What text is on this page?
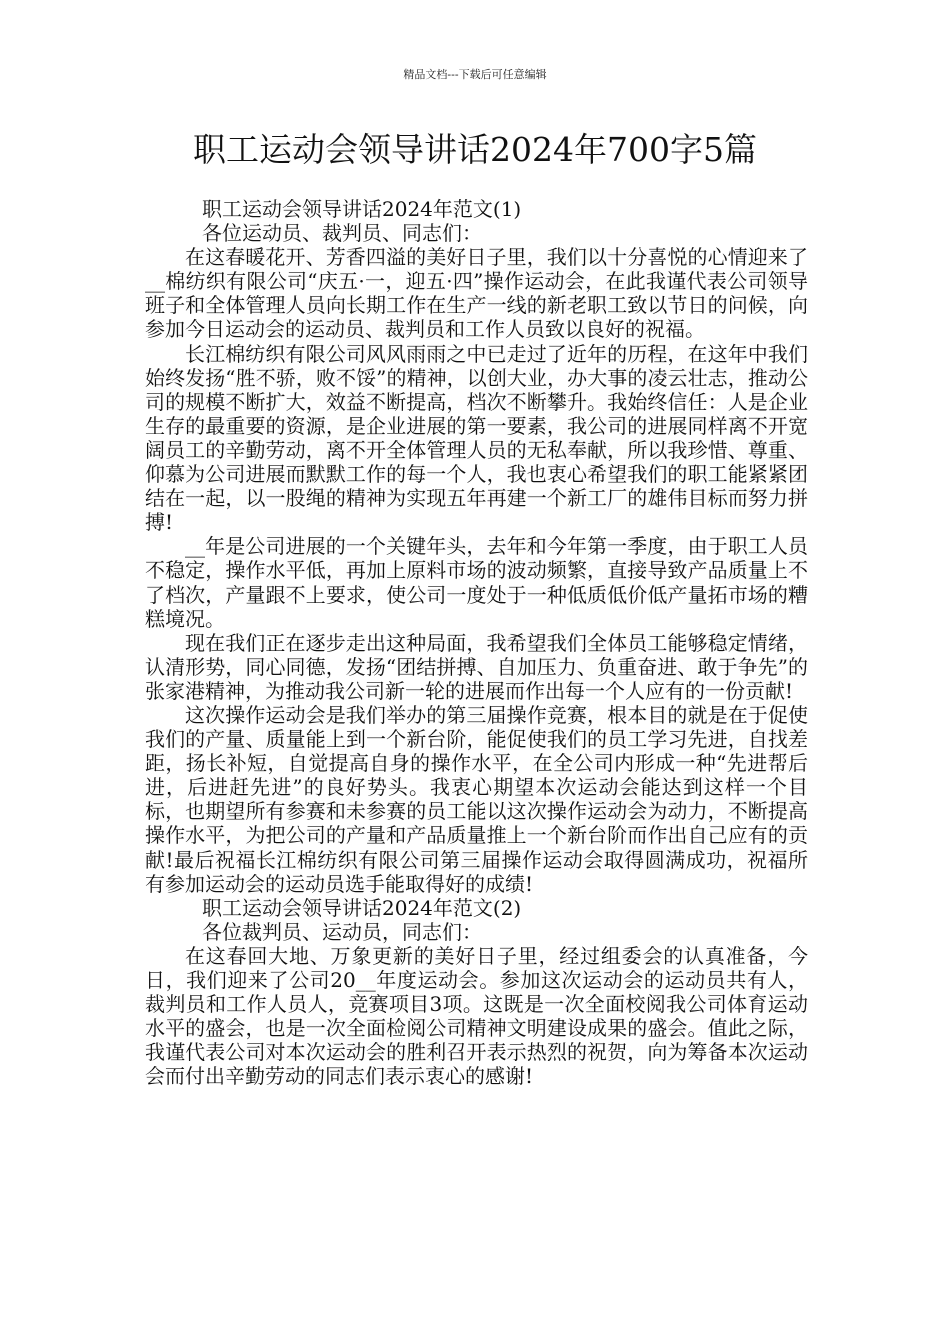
精品文档---下载后可任意编辑
职工运动会领导讲话2024年700字5篇

职工运动会领导讲话2024年范文(1)

各位运动员、裁判员、同志们：

在这春暖花开、芳香四溢的美好日子里，我们以十分喜悦的心情迎来了__棉纺织有限公司“庆五·一，迎五·四”操作运动会，在此我谨代表公司领导班子和全体管理人员向长期工作在生产一线的新老职工致以节日的问候，向参加今日运动会的运动员、裁判员和工作人员致以良好的祝福。

长江棉纺织有限公司风风雨雨之中已走过了近年的历程，在这年中我们始终发扬“胜不骄，败不馁”的精神，以创大业，办大事的凌云壮志，推动公司的规模不断扩大，效益不断提高，档次不断攀升。我始终信任：人是企业生存的最重要的资源，是企业进展的第一要素，我公司的进展同样离不开宽阔员工的辛勤劳动，离不开全体管理人员的无私奉献，所以我珍惜、尊重、仰慕为公司进展而默默工作的每一个人，我也衷心希望我们的职工能紧紧团结在一起，以一股绳的精神为实现五年再建一个新工厂的雄伟目标而努力拼搏!

__年是公司进展的一个关键年头，去年和今年第一季度，由于职工人员不稳定，操作水平低，再加上原料市场的波动频繁，直接导致产品质量上不了档次，产量跟不上要求，使公司一度处于一种低质低价低产量拓市场的糟糕境况。

现在我们正在逐步走出这种局面，我希望我们全体员工能够稳定情绪，认清形势，同心同德，发扬“团结拼搏、自加压力、负重奋进、敢于争先”的张家港精神，为推动我公司新一轮的进展而作出每一个人应有的一份贡献!

这次操作运动会是我们举办的第三届操作竞赛，根本目的就是在于促使我们的产量、质量能上到一个新台阶，能促使我们的员工学习先进，自找差距，扬长补短，自觉提高自身的操作水平，在全公司内形成一种“先进帮后进，后进赶先进”的良好势头。我衷心期望本次运动会能达到这样一个目标，也期望所有参赛和未参赛的员工能以这次操作运动会为动力，不断提高操作水平，为把公司的产量和产品质量推上一个新台阶而作出自己应有的贡献!最后祝福长江棉纺织有限公司第三届操作运动会取得圆满成功，祝福所有参加运动会的运动员选手能取得好的成绩!

职工运动会领导讲话2024年范文(2)

各位裁判员、运动员，同志们：

在这春回大地、万象更新的美好日子里，经过组委会的认真准备，今日，我们迎来了公司20__年度运动会。参加这次运动会的运动员共有人，裁判员和工作人员人，竞赛项目3项。这既是一次全面校阅我公司体育运动水平的盛会，也是一次全面检阅公司精神文明建设成果的盛会。值此之际，我谨代表公司对本次运动会的胜利召开表示热烈的祝贺，向为筹备本次运动会而付出辛勤劳动的同志们表示衷心的感谢!
